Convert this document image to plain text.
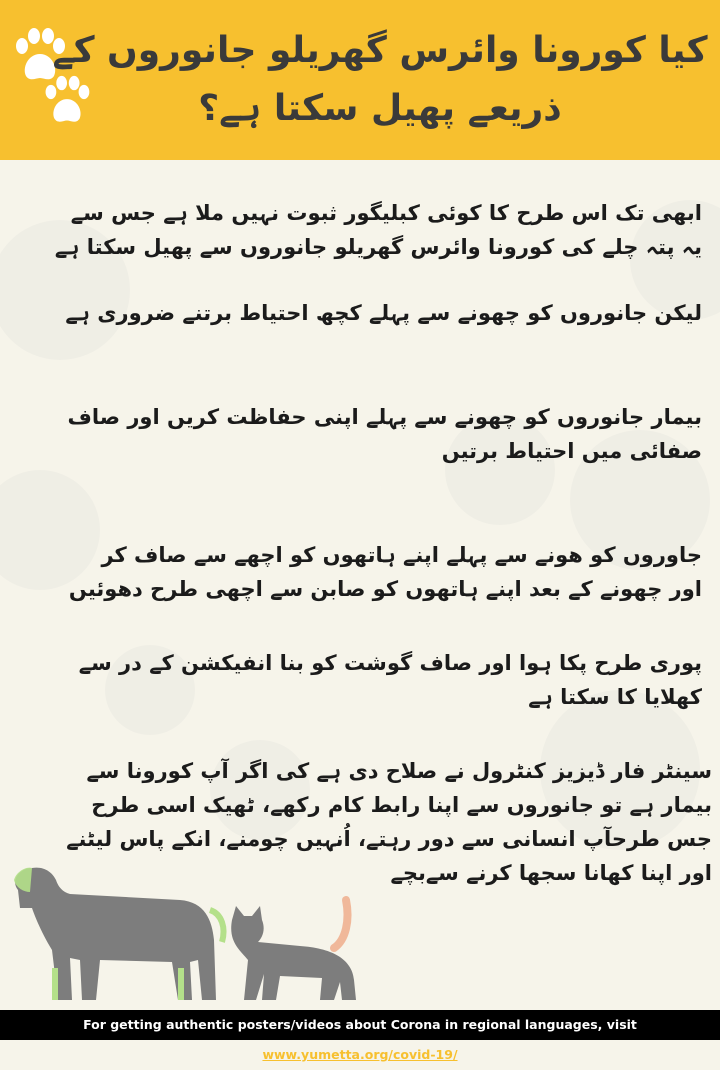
کیا کورونا وائرس گھریلو جانوروں کے
ذریعے پھیل سکتا ہے؟
ابھی تک اس طرح کا کوئی کبلیگور ثبوت نہیں ملا ہے جس سے
یہ پتہ چلے کی کورونا وائرس گھریلو جانوروں سے پھیل سکتا ہے
لیکن جانوروں کو چھونے سے پہلے کچھ احتیاط برتنے ضروری ہے
بیمار جانوروں کو چھونے سے پہلے اپنی حفاظت کریں اور صاف
صفائی میں احتیاط برتیں
جاوروں کو ھونے سے پہلے اپنے ہاتھوں کو اچھے سے صاف کر
اور چھونے کے بعد اپنے ہاتھوں کو صابن سے اچھی طرح دھوئیں
پوری طرح پکا ہوا اور صاف گوشت کو بنا انفیکشن کے در سے
کھلایا کا سکتا ہے
سینٹر فار ڈیزیز کنٹرول نے صلاح دی ہے کی اگر آپ کورونا سے
بیمار ہے تو جانوروں سے اپنا رابط کام رکھے، ٹھیک اسی طرح
جس طرحآپ انسانی سے دور رہتے، اُنہیں چومنے، انکے پاس لیٹنے
اور اپنا کھانا سجھا کرنے سےبچے
For getting authentic posters/videos about Corona in regional languages, visit www.yumetta.org/covid-19/
